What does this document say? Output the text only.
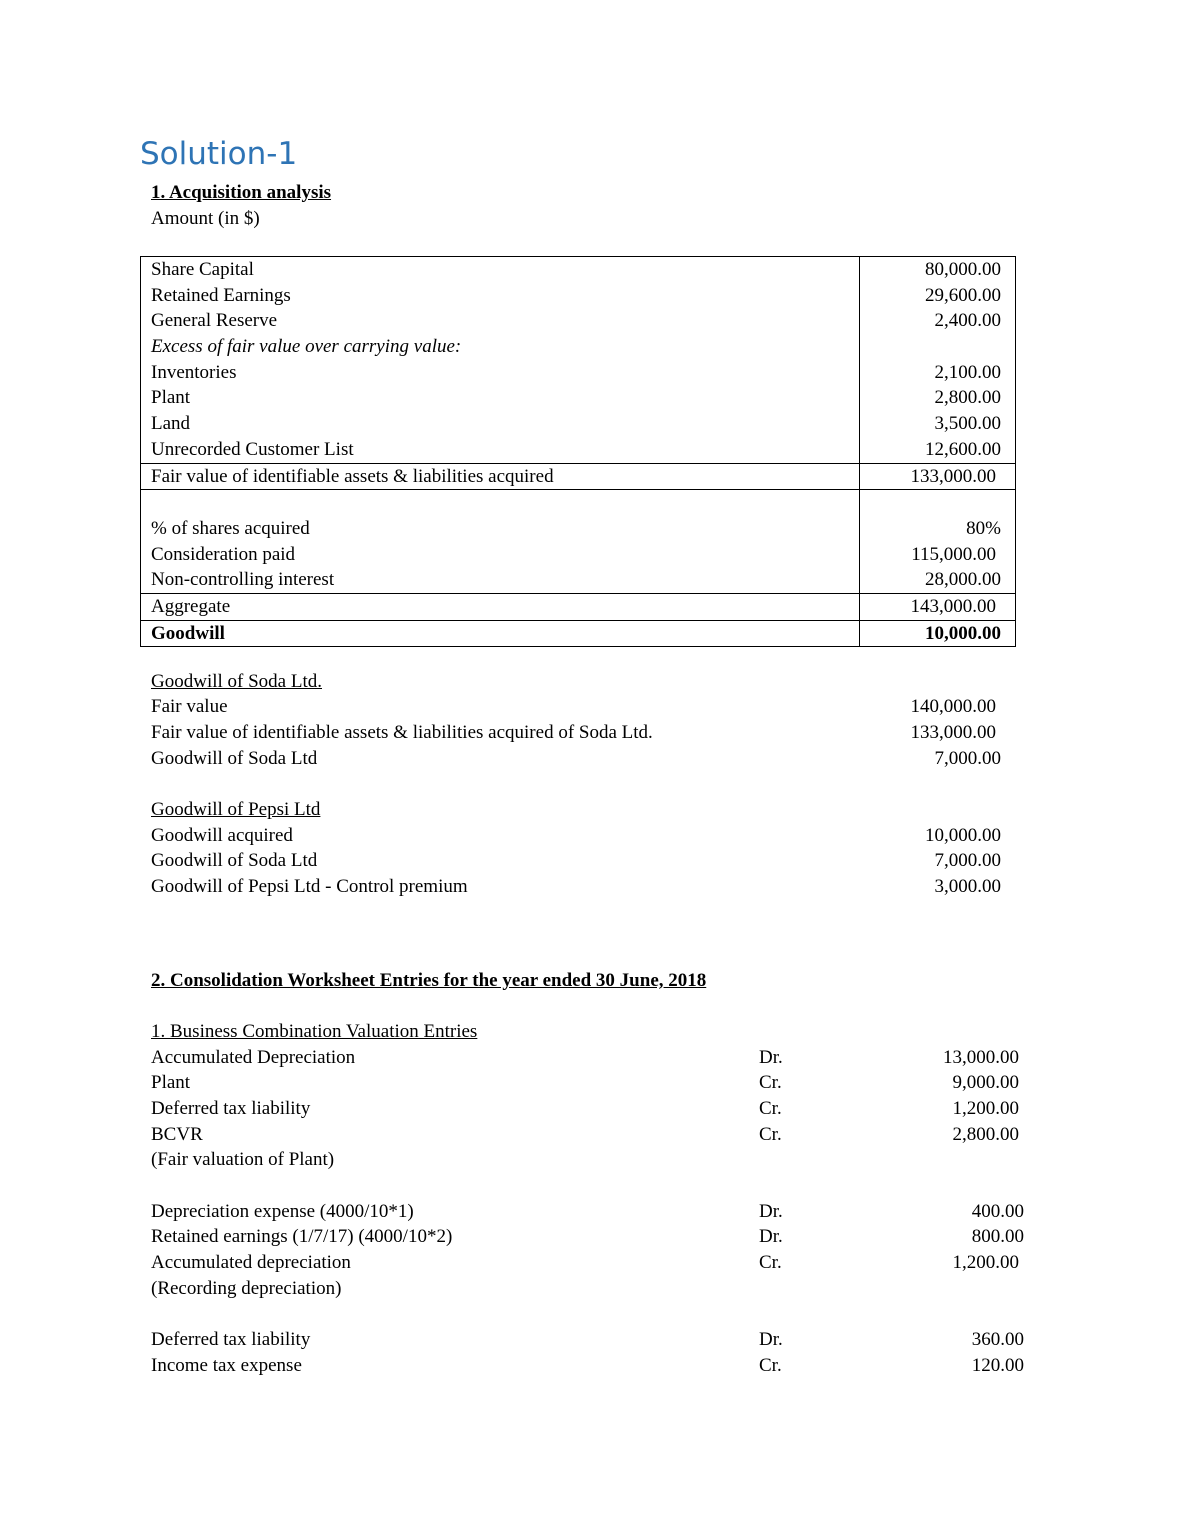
Solution-1
1. Acquisition analysis
Amount (in $)
Share Capital	80,000.00
Retained Earnings	29,600.00
General Reserve	2,400.00
Excess of fair value over carrying value:
Inventories	2,100.00
Plant	2,800.00
Land	3,500.00
Unrecorded Customer List	12,600.00
Fair value of identifiable assets & liabilities acquired	133,000.00
% of shares acquired	80%
Consideration paid	115,000.00
Non-controlling interest	28,000.00
Aggregate	143,000.00
Goodwill	10,000.00
Goodwill of Soda Ltd.
Fair value	140,000.00
Fair value of identifiable assets & liabilities acquired of Soda Ltd.	133,000.00
Goodwill of Soda Ltd	7,000.00
Goodwill of Pepsi Ltd
Goodwill acquired	10,000.00
Goodwill of Soda Ltd	7,000.00
Goodwill of Pepsi Ltd - Control premium	3,000.00
2. Consolidation Worksheet Entries for the year ended 30 June, 2018
1. Business Combination Valuation Entries
Accumulated Depreciation	Dr.	13,000.00
Plant	Cr.	9,000.00
Deferred tax liability	Cr.	1,200.00
BCVR	Cr.	2,800.00
(Fair valuation of Plant)
Depreciation expense (4000/10*1)	Dr.	400.00
Retained earnings (1/7/17) (4000/10*2)	Dr.	800.00
Accumulated depreciation	Cr.	1,200.00
(Recording depreciation)
Deferred tax liability	Dr.	360.00
Income tax expense	Cr.	120.00
